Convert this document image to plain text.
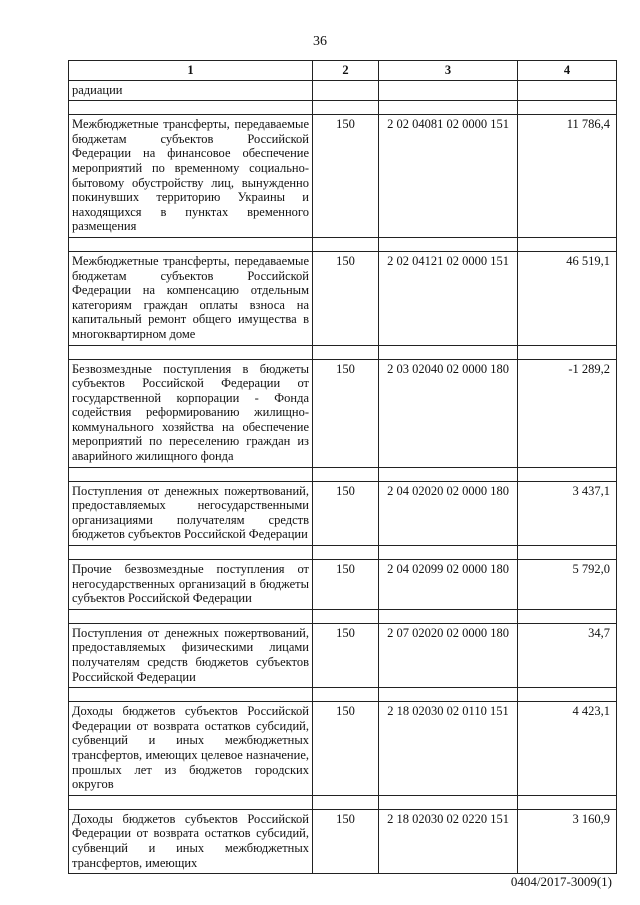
36
1	2	3	4
радиации			

Межбюджетные трансферты, передаваемые бюджетам субъектов Российской Федерации на финансовое обеспечение мероприятий по временному социально-бытовому обустройству лиц, вынужденно покинувших территорию Украины и находящихся в пунктах временного размещения	150	2 02 04081 02 0000 151	11 786,4

Межбюджетные трансферты, передаваемые бюджетам субъектов Российской Федерации на компенсацию отдельным категориям граждан оплаты взноса на капитальный ремонт общего имущества в многоквартирном доме	150	2 02 04121 02 0000 151	46 519,1

Безвозмездные поступления в бюджеты субъектов Российской Федерации от государственной корпорации - Фонда содействия реформированию жилищно-коммунального хозяйства на обеспечение мероприятий по переселению граждан из аварийного жилищного фонда	150	2 03 02040 02 0000 180	-1 289,2

Поступления от денежных пожертвований, предоставляемых негосударственными организациями получателям средств бюджетов субъектов Российской Федерации	150	2 04 02020 02 0000 180	3 437,1

Прочие безвозмездные поступления от негосударственных организаций в бюджеты субъектов Российской Федерации	150	2 04 02099 02 0000 180	5 792,0

Поступления от денежных пожертвований, предоставляемых физическими лицами получателям средств бюджетов субъектов Российской Федерации	150	2 07 02020 02 0000 180	34,7

Доходы бюджетов субъектов Российской Федерации от возврата остатков субсидий, субвенций и иных межбюджетных трансфертов, имеющих целевое назначение, прошлых лет из бюджетов городских округов	150	2 18 02030 02 0110 151	4 423,1

Доходы бюджетов субъектов Российской Федерации от возврата остатков субсидий, субвенций и иных межбюджетных трансфертов, имеющих	150	2 18 02030 02 0220 151	3 160,9
0404/2017-3009(1)
